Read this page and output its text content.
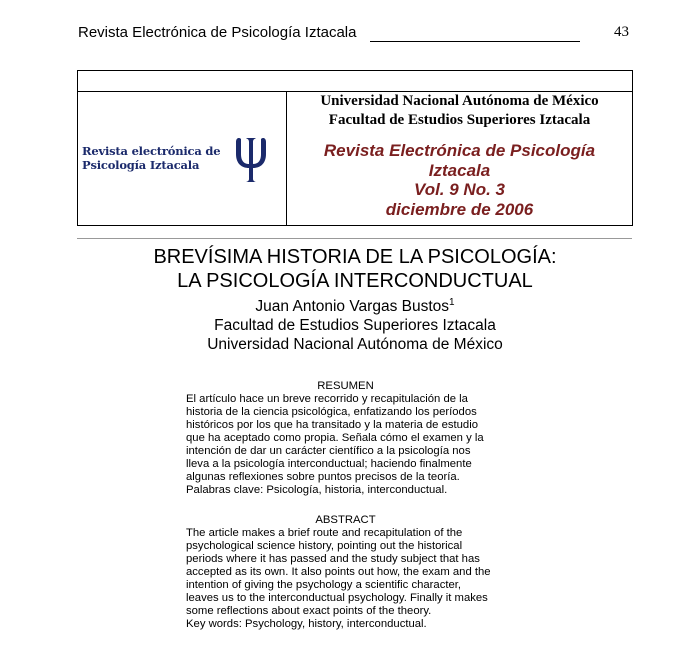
Revista Electrónica de Psicología Iztacala	43
Revista electrónica de
Psicología Iztacala
Universidad Nacional Autónoma de México
Facultad de Estudios Superiores Iztacala
Revista Electrónica de Psicología
Iztacala
Vol. 9 No. 3
diciembre de 2006
BREVÍSIMA HISTORIA DE LA PSICOLOGÍA:
LA PSICOLOGÍA INTERCONDUCTUAL
Juan Antonio Vargas Bustos$^1$
Facultad de Estudios Superiores Iztacala
Universidad Nacional Autónoma de México
RESUMEN
El artículo hace un breve recorrido y recapitulación de la
historia de la ciencia psicológica, enfatizando los períodos
históricos por los que ha transitado y la materia de estudio
que ha aceptado como propia. Señala cómo el examen y la
intención de dar un carácter científico a la psicología nos
lleva a la psicología interconductual; haciendo finalmente
algunas reflexiones sobre puntos precisos de la teoría.
Palabras clave: Psicología, historia, interconductual.
ABSTRACT
The article makes a brief route and recapitulation of the
psychological science history, pointing out the historical
periods where it has passed and the study subject that has
accepted as its own. It also points out how, the exam and the
intention of giving the psychology a scientific character,
leaves us to the interconductual psychology. Finally it makes
some reflections about exact points of the theory.
Key words: Psychology, history, interconductual.
